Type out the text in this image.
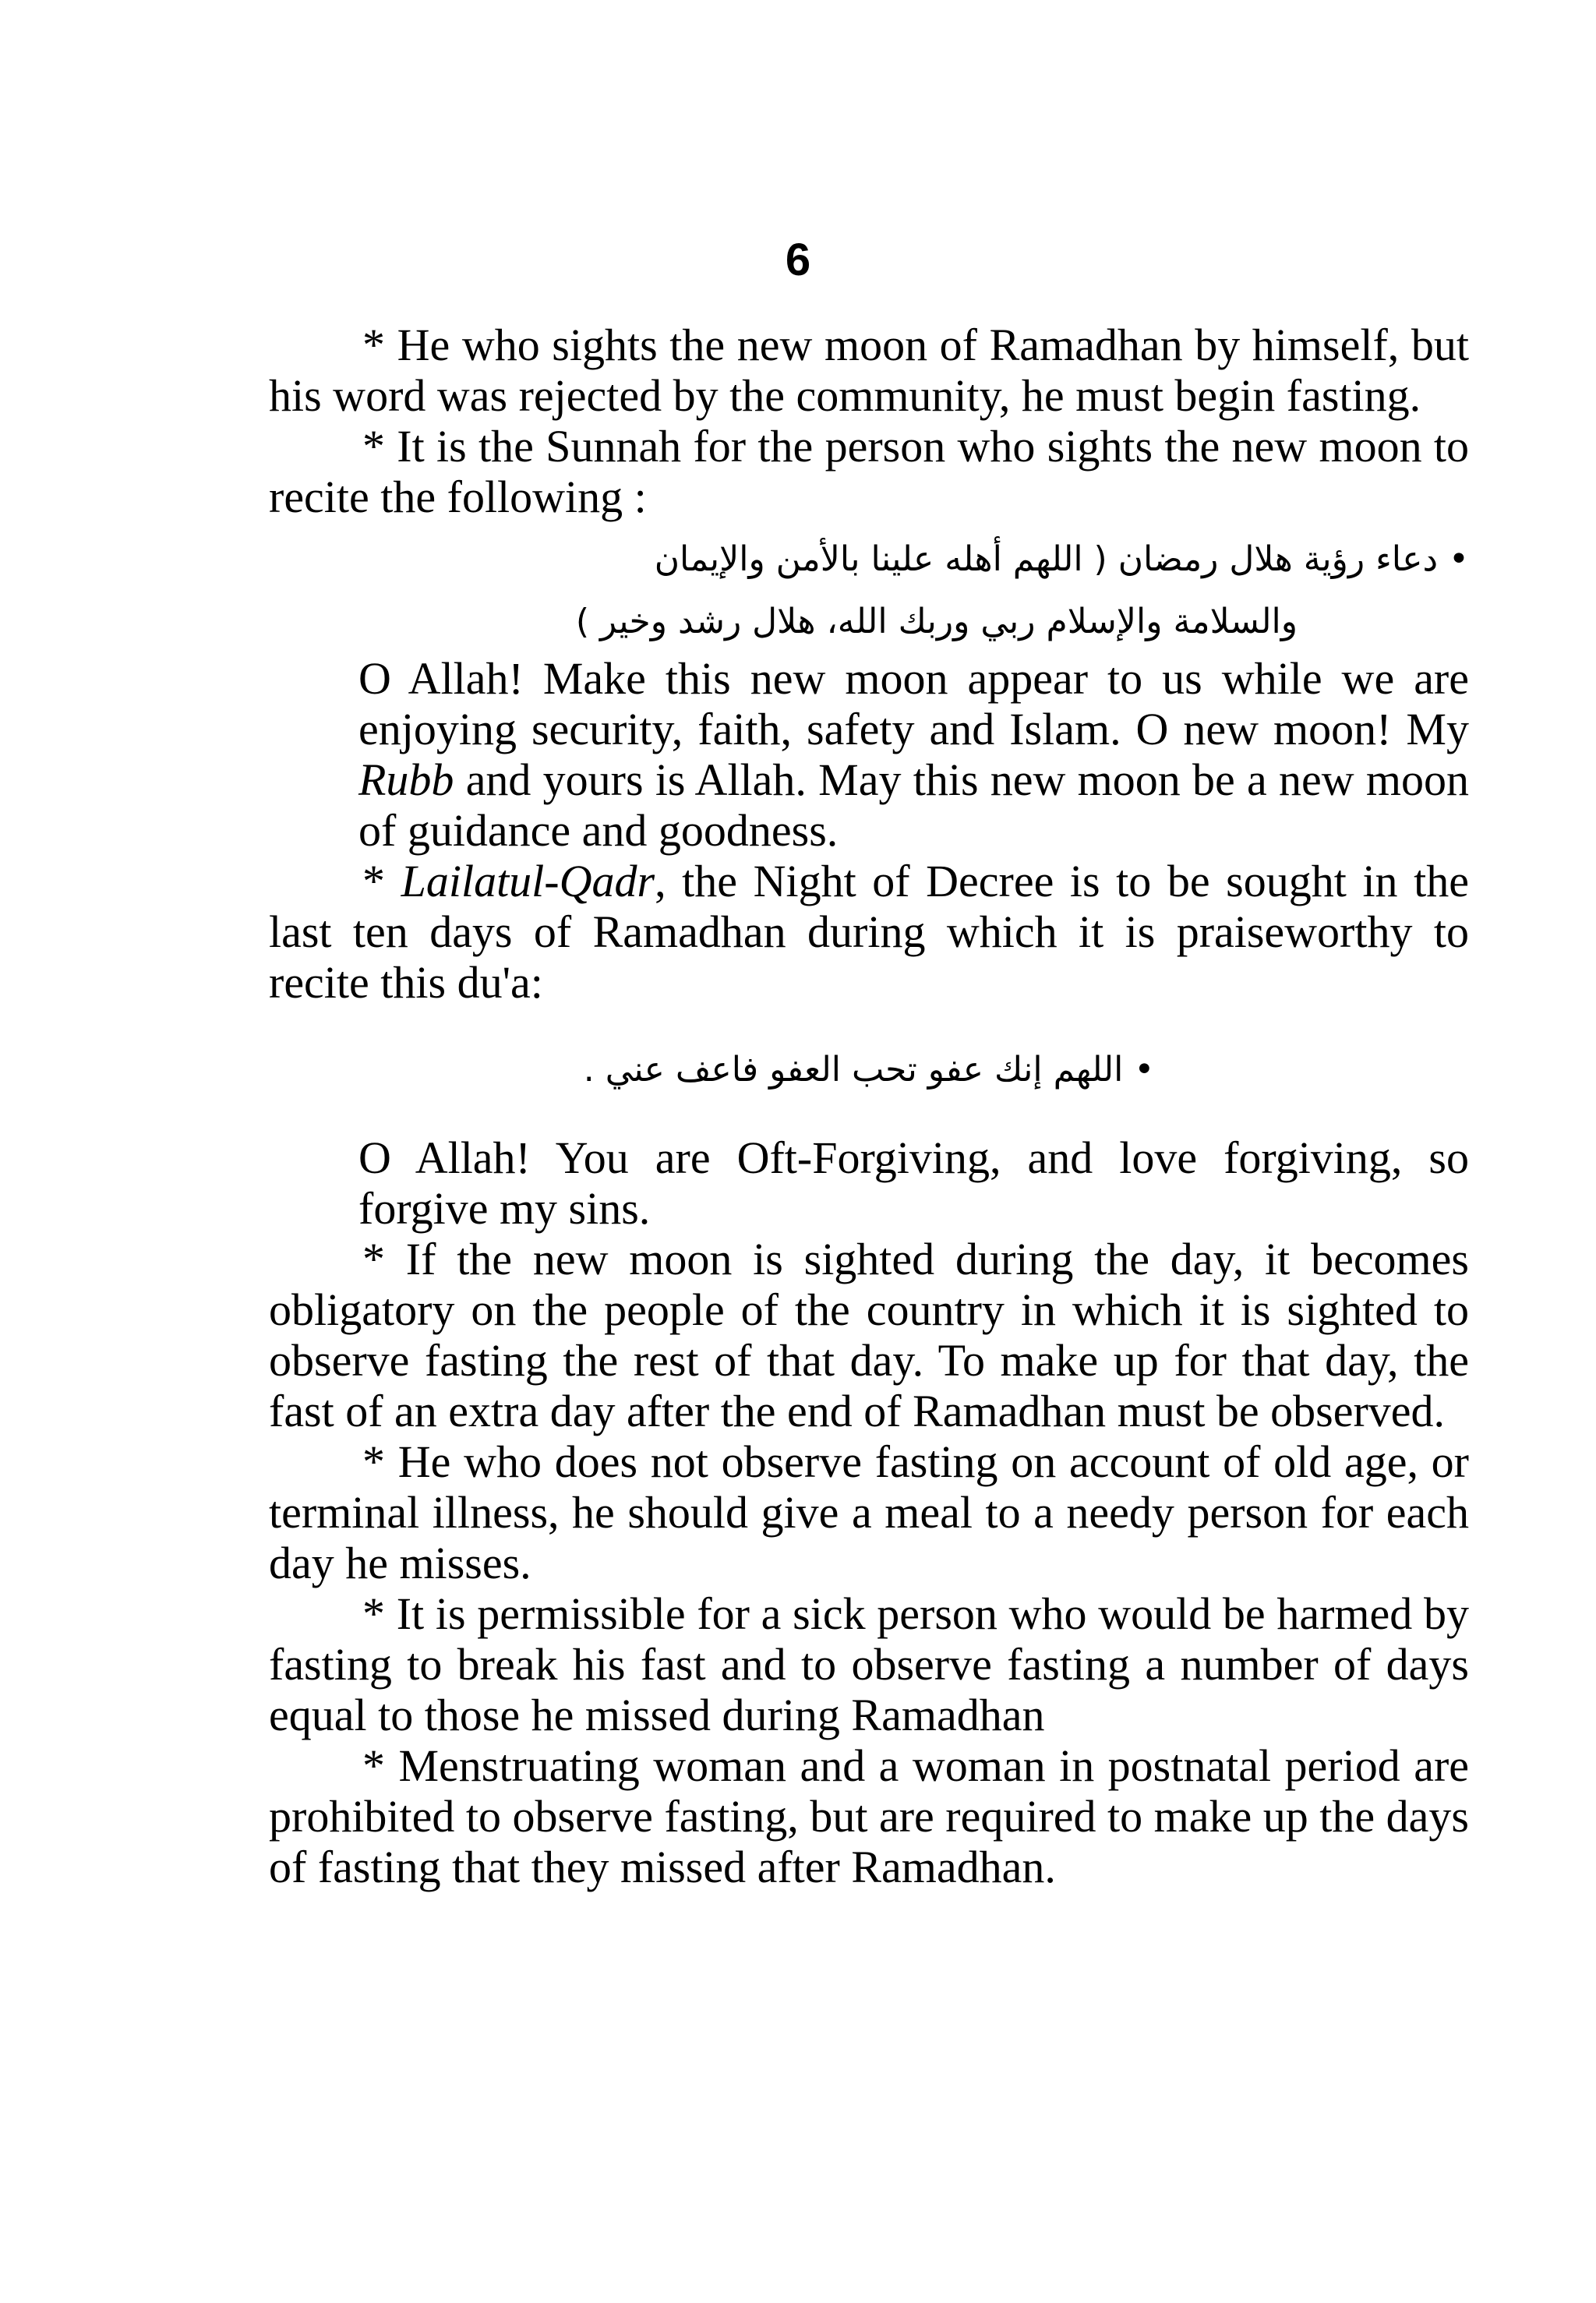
6

* He who sights the new moon of Ramadhan by himself, but his word was rejected by the community, he must begin fasting.

* It is the Sunnah for the person who sights the new moon to recite the following :

• دعاء رؤية هلال رمضان ( اللهم أهله علينا بالأمن والإيمان

والسلامة والإسلام ربي وربك الله، هلال رشد وخير )

O Allah! Make this new moon appear to us while we are enjoying security, faith, safety and Islam. O new moon! My Rubb and yours is Allah. May this new moon be a new moon of guidance and goodness.

* Lailatul-Qadr, the Night of Decree is to be sought in the last ten days of Ramadhan during which it is praiseworthy to recite this du'a:

• اللهم إنك عفو تحب العفو فاعف عني .

O Allah! You are Oft-Forgiving, and love forgiving, so forgive my sins.

* If the new moon is sighted during the day, it becomes obligatory on the people of the country in which it is sighted to observe fasting the rest of that day. To make up for that day, the fast of an extra day after the end of Ramadhan must be observed.

* He who does not observe fasting on account of old age, or terminal illness, he should give a meal to a needy person for each day he misses.

* It is permissible for a sick person who would be harmed by fasting to break his fast and to observe fasting a number of days equal to those he missed during Ramadhan

* Menstruating woman and a woman in postnatal period are prohibited to observe fasting, but are required to make up the days of fasting that they missed after Ramadhan.
